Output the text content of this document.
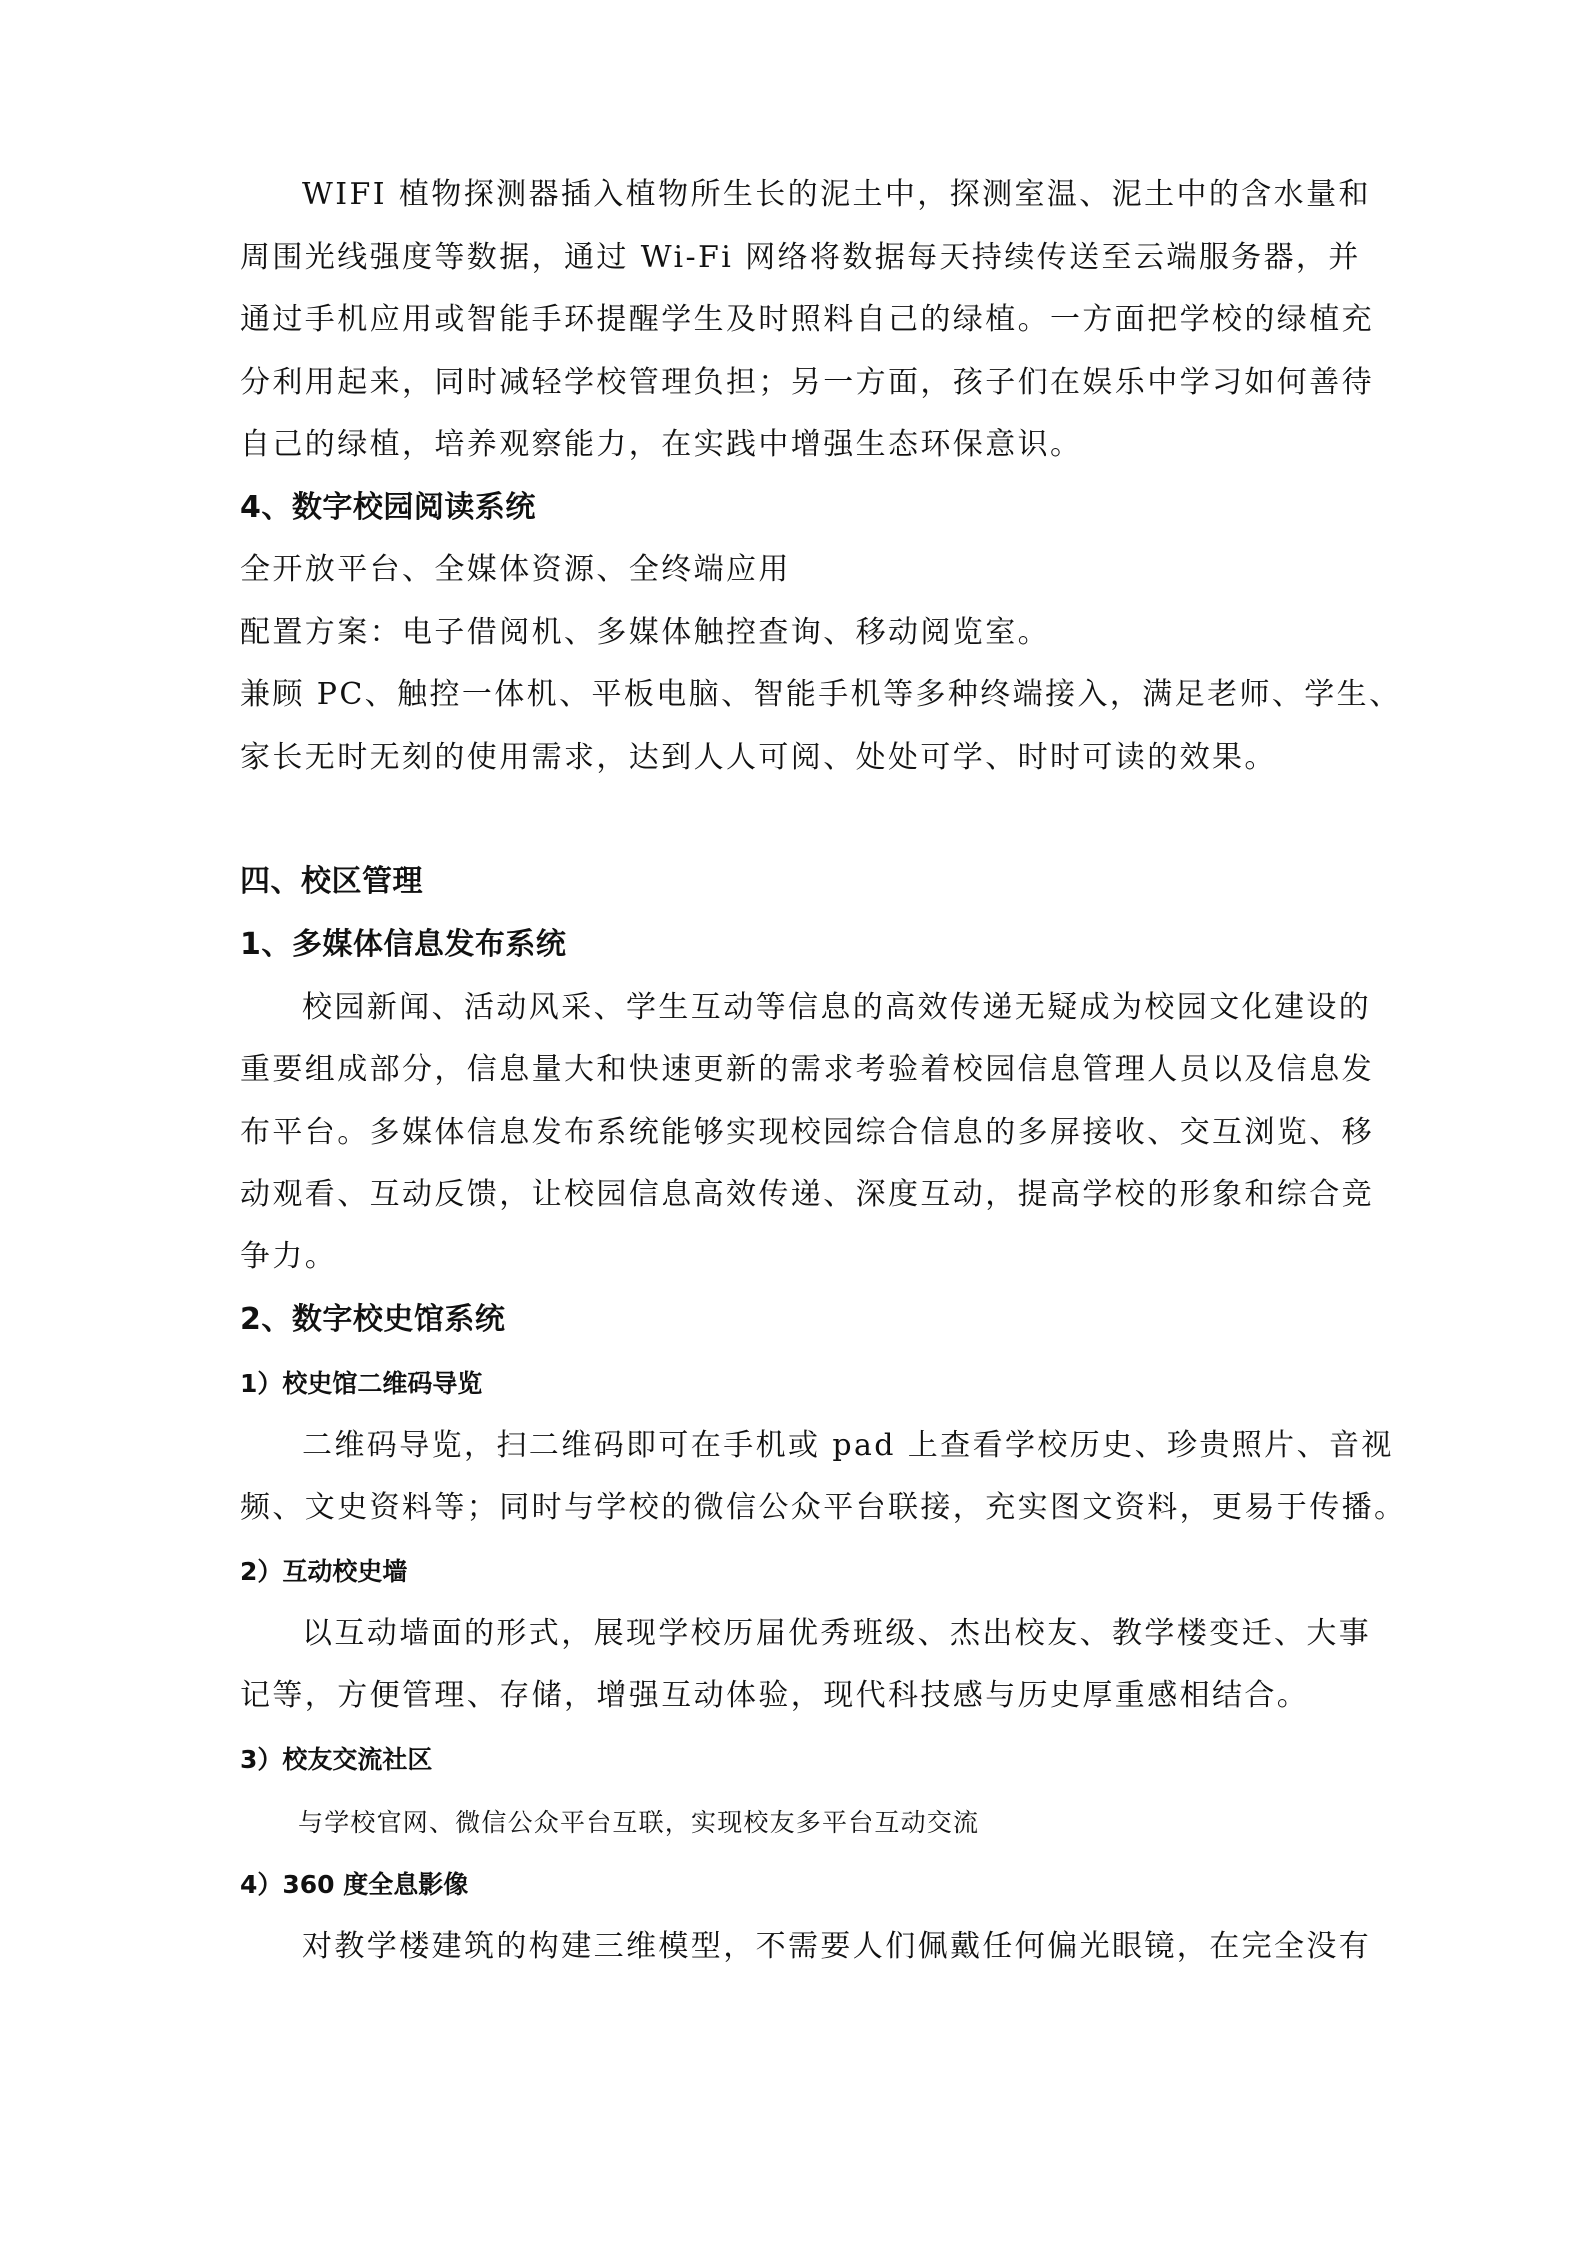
WIFI 植物探测器插入植物所生长的泥土中，探测室温、泥土中的含水量和
周围光线强度等数据，通过 Wi-Fi 网络将数据每天持续传送至云端服务器，并
通过手机应用或智能手环提醒学生及时照料自己的绿植。一方面把学校的绿植充
分利用起来，同时减轻学校管理负担；另一方面，孩子们在娱乐中学习如何善待
自己的绿植，培养观察能力，在实践中增强生态环保意识。
4、数字校园阅读系统
全开放平台、全媒体资源、全终端应用
配置方案：电子借阅机、多媒体触控查询、移动阅览室。
兼顾 PC、触控一体机、平板电脑、智能手机等多种终端接入，满足老师、学生、
家长无时无刻的使用需求，达到人人可阅、处处可学、时时可读的效果。
四、校区管理
1、多媒体信息发布系统
校园新闻、活动风采、学生互动等信息的高效传递无疑成为校园文化建设的
重要组成部分，信息量大和快速更新的需求考验着校园信息管理人员以及信息发
布平台。多媒体信息发布系统能够实现校园综合信息的多屏接收、交互浏览、移
动观看、互动反馈，让校园信息高效传递、深度互动，提高学校的形象和综合竞
争力。
2、数字校史馆系统
1）校史馆二维码导览
二维码导览，扫二维码即可在手机或 pad 上查看学校历史、珍贵照片、音视
频、文史资料等；同时与学校的微信公众平台联接，充实图文资料，更易于传播。
2）互动校史墙
以互动墙面的形式，展现学校历届优秀班级、杰出校友、教学楼变迁、大事
记等，方便管理、存储，增强互动体验，现代科技感与历史厚重感相结合。
3）校友交流社区
与学校官网、微信公众平台互联，实现校友多平台互动交流
4）360 度全息影像
对教学楼建筑的构建三维模型，不需要人们佩戴任何偏光眼镜，在完全没有
